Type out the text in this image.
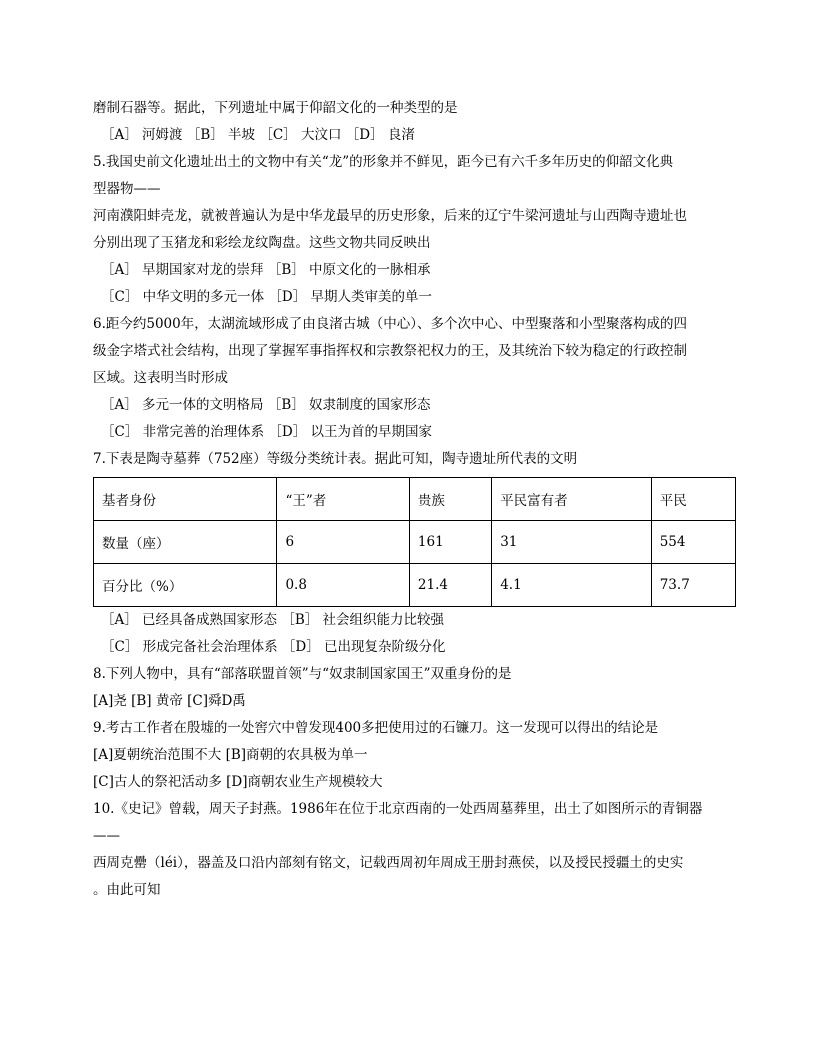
磨制石器等。据此，下列遗址中属于仰韶文化的一种类型的是
［A］ 河姆渡 ［B］ 半坡 ［C］ 大汶口 ［D］ 良渚
5.我国史前文化遗址出土的文物中有关“龙”的形象并不鲜见，距今已有六千多年历史的仰韶文化典
型器物——
河南濮阳蚌壳龙，就被普遍认为是中华龙最早的历史形象，后来的辽宁牛梁河遗址与山西陶寺遗址也
分别出现了玉猪龙和彩绘龙纹陶盘。这些文物共同反映出
［A］ 早期国家对龙的崇拜 ［B］ 中原文化的一脉相承
［C］ 中华文明的多元一体 ［D］ 早期人类审美的单一
6.距今约5000年，太湖流域形成了由良渚古城（中心）、多个次中心、中型聚落和小型聚落构成的四
级金字塔式社会结构，出现了掌握军事指挥权和宗教祭祀权力的王，及其统治下较为稳定的行政控制
区域。这表明当时形成
［A］ 多元一体的文明格局 ［B］ 奴隶制度的国家形态
［C］ 非常完善的治理体系 ［D］ 以王为首的早期国家
7.下表是陶寺墓葬（752座）等级分类统计表。据此可知，陶寺遗址所代表的文明
基者身份	“王”者	贵族	平民富有者	平民
数量（座）	6	161	31	554
百分比（%）	0.8	21.4	4.1	73.7
［A］ 已经具备成熟国家形态 ［B］ 社会组织能力比较强
［C］ 形成完备社会治理体系 ［D］ 已出现复杂阶级分化
8.下列人物中，具有“部落联盟首领”与“奴隶制国家国王”双重身份的是
[A]尧 [B] 黄帝 [C]舜D禹
9.考古工作者在殷墟的一处窖穴中曾发现400多把使用过的石镰刀。这一发现可以得出的结论是
[A]夏朝统治范围不大 [B]商朝的农具极为单一
[C]古人的祭祀活动多 [D]商朝农业生产规模较大
10.《史记》曾载，周天子封燕。1986年在位于北京西南的一处西周墓葬里，出土了如图所示的青铜器
——
西周克罍（léi），器盖及口沿内部刻有铭文，记载西周初年周成王册封燕侯，以及授民授疆土的史实
。由此可知
